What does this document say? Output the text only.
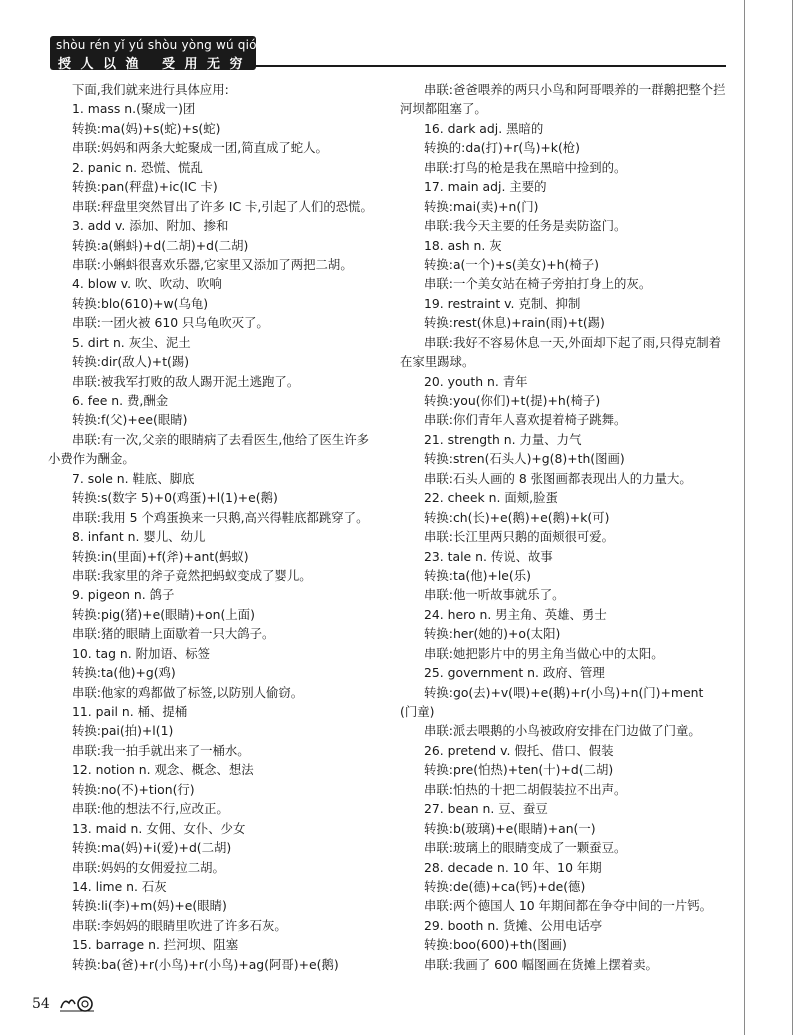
shòu rén yǐ yú shòu yòng wú qióng
授人以渔 受用无穷
下面,我们就来进行具体应用:
1. mass n.(聚成一)团
转换:ma(妈)+s(蛇)+s(蛇)
串联:妈妈和两条大蛇聚成一团,简直成了蛇人。
2. panic n. 恐慌、慌乱
转换:pan(秤盘)+ic(IC 卡)
串联:秤盘里突然冒出了许多 IC 卡,引起了人们的恐慌。
3. add v. 添加、附加、掺和
转换:a(蝌蚪)+d(二胡)+d(二胡)
串联:小蝌蚪很喜欢乐器,它家里又添加了两把二胡。
4. blow v. 吹、吹动、吹响
转换:blo(610)+w(乌龟)
串联:一团火被 610 只乌龟吹灭了。
5. dirt n. 灰尘、泥土
转换:dir(敌人)+t(踢)
串联:被我军打败的敌人踢开泥土逃跑了。
6. fee n. 费,酬金
转换:f(父)+ee(眼睛)
串联:有一次,父亲的眼睛病了去看医生,他给了医生许多
小费作为酬金。
7. sole n. 鞋底、脚底
转换:s(数字 5)+0(鸡蛋)+l(1)+e(鹅)
串联:我用 5 个鸡蛋换来一只鹅,高兴得鞋底都跳穿了。
8. infant n. 婴儿、幼儿
转换:in(里面)+f(斧)+ant(蚂蚁)
串联:我家里的斧子竟然把蚂蚁变成了婴儿。
9. pigeon n. 鸽子
转换:pig(猪)+e(眼睛)+on(上面)
串联:猪的眼睛上面歇着一只大鸽子。
10. tag n. 附加语、标签
转换:ta(他)+g(鸡)
串联:他家的鸡都做了标签,以防别人偷窃。
11. pail n. 桶、提桶
转换:pai(拍)+l(1)
串联:我一拍手就出来了一桶水。
12. notion n. 观念、概念、想法
转换:no(不)+tion(行)
串联:他的想法不行,应改正。
13. maid n. 女佣、女仆、少女
转换:ma(妈)+i(爱)+d(二胡)
串联:妈妈的女佣爱拉二胡。
14. lime n. 石灰
转换:li(李)+m(妈)+e(眼睛)
串联:李妈妈的眼睛里吹进了许多石灰。
15. barrage n. 拦河坝、阻塞
转换:ba(爸)+r(小鸟)+r(小鸟)+ag(阿哥)+e(鹅)
串联:爸爸喂养的两只小鸟和阿哥喂养的一群鹅把整个拦
河坝都阻塞了。
16. dark adj. 黑暗的
转换的:da(打)+r(鸟)+k(枪)
串联:打鸟的枪是我在黑暗中捡到的。
17. main adj. 主要的
转换:mai(卖)+n(门)
串联:我今天主要的任务是卖防盗门。
18. ash n. 灰
转换:a(一个)+s(美女)+h(椅子)
串联:一个美女站在椅子旁拍打身上的灰。
19. restraint v. 克制、抑制
转换:rest(休息)+rain(雨)+t(踢)
串联:我好不容易休息一天,外面却下起了雨,只得克制着
在家里踢球。
20. youth n. 青年
转换:you(你们)+t(提)+h(椅子)
串联:你们青年人喜欢提着椅子跳舞。
21. strength n. 力量、力气
转换:stren(石头人)+g(8)+th(图画)
串联:石头人画的 8 张图画都表现出人的力量大。
22. cheek n. 面颊,脸蛋
转换:ch(长)+e(鹅)+e(鹅)+k(可)
串联:长江里两只鹅的面颊很可爱。
23. tale n. 传说、故事
转换:ta(他)+le(乐)
串联:他一听故事就乐了。
24. hero n. 男主角、英雄、勇士
转换:her(她的)+o(太阳)
串联:她把影片中的男主角当做心中的太阳。
25. government n. 政府、管理
转换:go(去)+v(喂)+e(鹅)+r(小鸟)+n(门)+ment
(门童)
串联:派去喂鹅的小鸟被政府安排在门边做了门童。
26. pretend v. 假托、借口、假装
转换:pre(怕热)+ten(十)+d(二胡)
串联:怕热的十把二胡假装拉不出声。
27. bean n. 豆、蚕豆
转换:b(玻璃)+e(眼睛)+an(一)
串联:玻璃上的眼睛变成了一颗蚕豆。
28. decade n. 10 年、10 年期
转换:de(德)+ca(钙)+de(德)
串联:两个德国人 10 年期间都在争夺中间的一片钙。
29. booth n. 货摊、公用电话亭
转换:boo(600)+th(图画)
串联:我画了 600 幅图画在货摊上摆着卖。
54
